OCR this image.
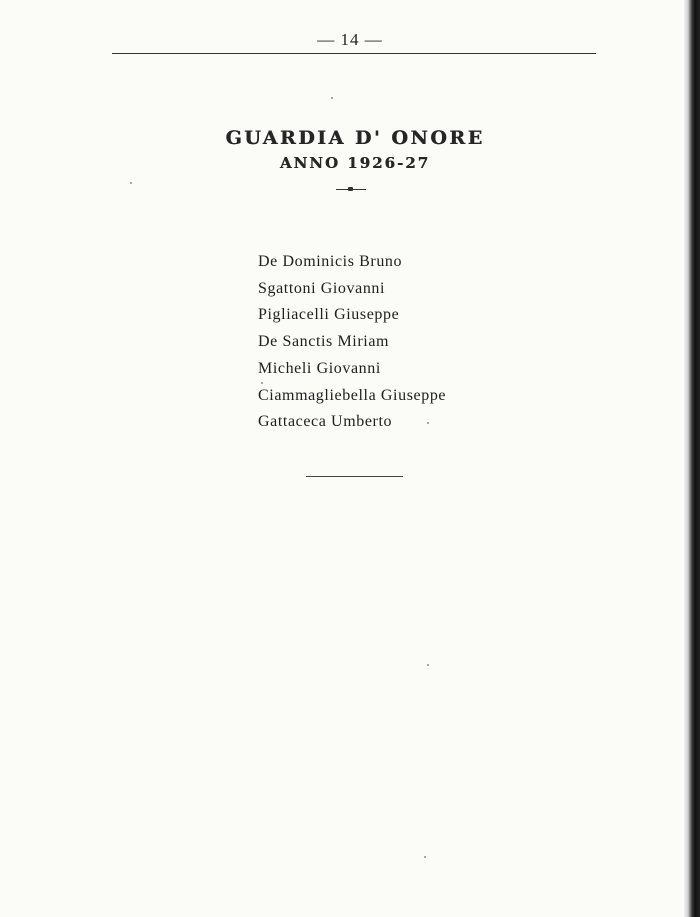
— 14 —
GUARDIA D' ONORE
ANNO 1926-27
De Dominicis Bruno
Sgattoni Giovanni
Pigliacelli Giuseppe
De Sanctis Miriam
Micheli Giovanni
Ciammagliebella Giuseppe
Gattaceca Umberto
